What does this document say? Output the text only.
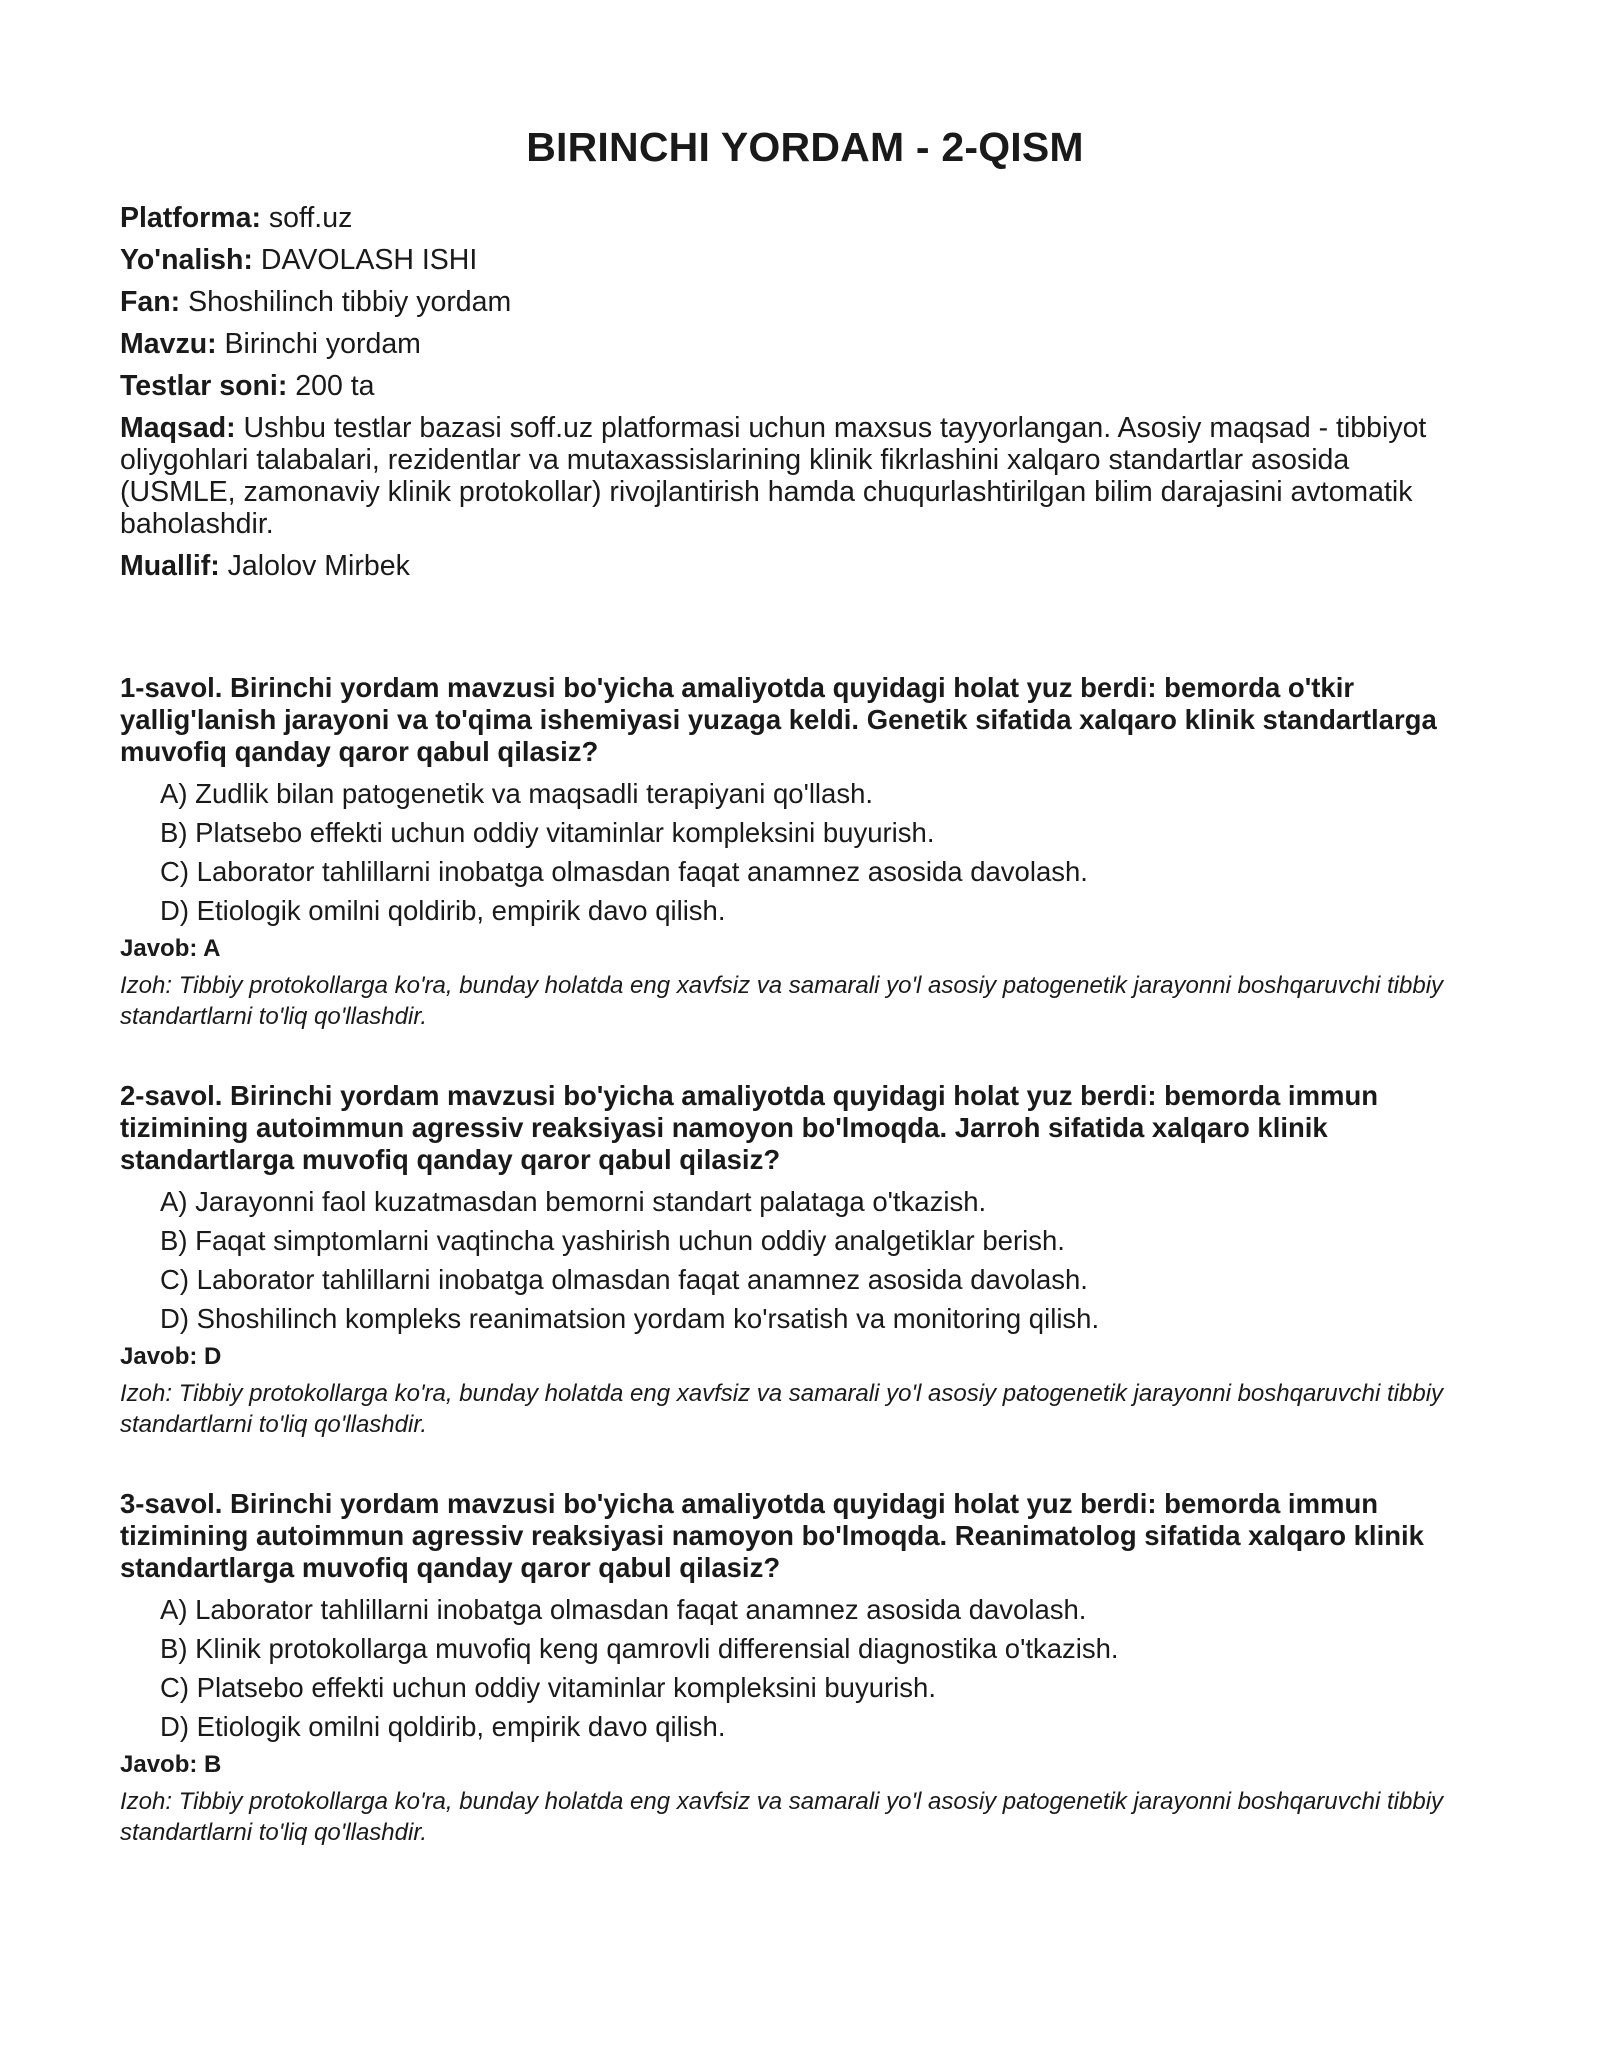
BIRINCHI YORDAM - 2-QISM

Platforma: soff.uz

Yo'nalish: DAVOLASH ISHI

Fan: Shoshilinch tibbiy yordam

Mavzu: Birinchi yordam

Testlar soni: 200 ta

Maqsad: Ushbu testlar bazasi soff.uz platformasi uchun maxsus tayyorlangan. Asosiy maqsad - tibbiyot oliygohlari talabalari, rezidentlar va mutaxassislarining klinik fikrlashini xalqaro standartlar asosida (USMLE, zamonaviy klinik protokollar) rivojlantirish hamda chuqurlashtirilgan bilim darajasini avtomatik baholashdir.

Muallif: Jalolov Mirbek

1-savol. Birinchi yordam mavzusi bo'yicha amaliyotda quyidagi holat yuz berdi: bemorda o'tkir yallig'lanish jarayoni va to'qima ishemiyasi yuzaga keldi. Genetik sifatida xalqaro klinik standartlarga muvofiq qanday qaror qabul qilasiz?

A) Zudlik bilan patogenetik va maqsadli terapiyani qo'llash.
B) Platsebo effekti uchun oddiy vitaminlar kompleksini buyurish.
C) Laborator tahlillarni inobatga olmasdan faqat anamnez asosida davolash.
D) Etiologik omilni qoldirib, empirik davo qilish.

Javob: A

Izoh: Tibbiy protokollarga ko'ra, bunday holatda eng xavfsiz va samarali yo'l asosiy patogenetik jarayonni boshqaruvchi tibbiy standartlarni to'liq qo'llashdir.

2-savol. Birinchi yordam mavzusi bo'yicha amaliyotda quyidagi holat yuz berdi: bemorda immun tizimining autoimmun agressiv reaksiyasi namoyon bo'lmoqda. Jarroh sifatida xalqaro klinik standartlarga muvofiq qanday qaror qabul qilasiz?

A) Jarayonni faol kuzatmasdan bemorni standart palataga o'tkazish.
B) Faqat simptomlarni vaqtincha yashirish uchun oddiy analgetiklar berish.
C) Laborator tahlillarni inobatga olmasdan faqat anamnez asosida davolash.
D) Shoshilinch kompleks reanimatsion yordam ko'rsatish va monitoring qilish.

Javob: D

Izoh: Tibbiy protokollarga ko'ra, bunday holatda eng xavfsiz va samarali yo'l asosiy patogenetik jarayonni boshqaruvchi tibbiy standartlarni to'liq qo'llashdir.

3-savol. Birinchi yordam mavzusi bo'yicha amaliyotda quyidagi holat yuz berdi: bemorda immun tizimining autoimmun agressiv reaksiyasi namoyon bo'lmoqda. Reanimatolog sifatida xalqaro klinik standartlarga muvofiq qanday qaror qabul qilasiz?

A) Laborator tahlillarni inobatga olmasdan faqat anamnez asosida davolash.
B) Klinik protokollarga muvofiq keng qamrovli differensial diagnostika o'tkazish.
C) Platsebo effekti uchun oddiy vitaminlar kompleksini buyurish.
D) Etiologik omilni qoldirib, empirik davo qilish.

Javob: B

Izoh: Tibbiy protokollarga ko'ra, bunday holatda eng xavfsiz va samarali yo'l asosiy patogenetik jarayonni boshqaruvchi tibbiy standartlarni to'liq qo'llashdir.
